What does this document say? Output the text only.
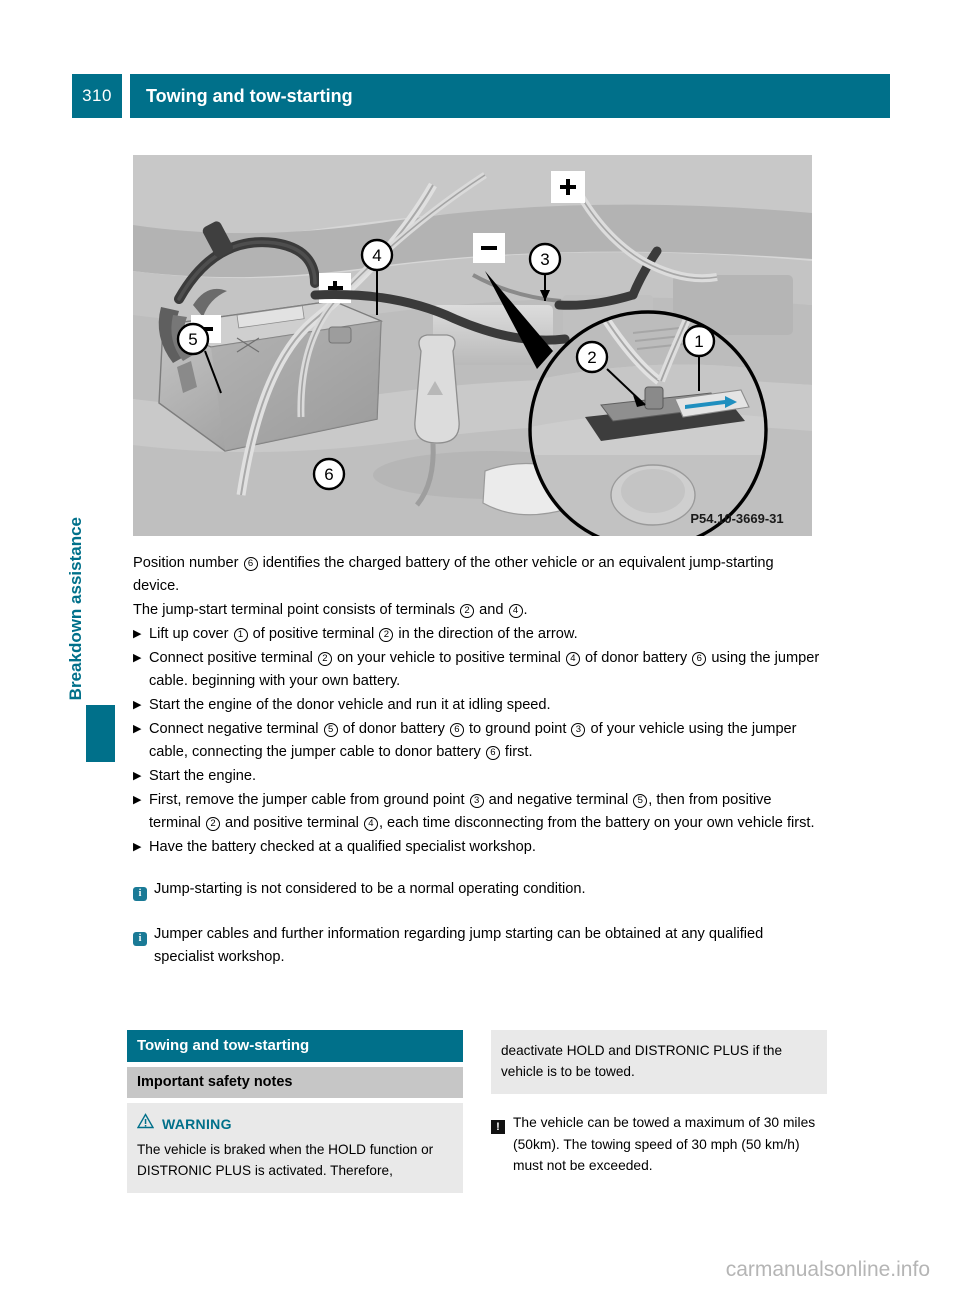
310	Towing and tow-starting
Breakdown assistance
4
5
6
3
1
2
P54.10-3669-31

Position number 6 identifies the charged battery of the other vehicle or an equivalent jump-starting device.

The jump-start terminal point consists of terminals 2 and 4 .

▶ Lift up cover 1 of positive terminal 2 in the direction of the arrow.
▶ Connect positive terminal 2 on your vehicle to positive terminal 4 of donor battery 6 using the jumper cable. beginning with your own battery.
▶ Start the engine of the donor vehicle and run it at idling speed.
▶ Connect negative terminal 5 of donor battery 6 to ground point 3 of your vehicle using the jumper cable, connecting the jumper cable to donor battery 6 first.
▶ Start the engine.
▶ First, remove the jumper cable from ground point 3 and negative terminal 5 , then from positive terminal 2 and positive terminal 4 , each time disconnecting from the battery on your own vehicle first.
▶ Have the battery checked at a qualified specialist workshop.
i Jump-starting is not considered to be a normal operating condition.
i Jumper cables and further information regarding jump starting can be obtained at any qualified specialist workshop.
Towing and tow-starting
Important safety notes
WARNING
The vehicle is braked when the HOLD function or DISTRONIC PLUS is activated. Therefore,
deactivate HOLD and DISTRONIC PLUS if the vehicle is to be towed.
! The vehicle can be towed a maximum of 30 miles (50km). The towing speed of 30 mph (50 km/h) must not be exceeded.
carmanualsonline.info
